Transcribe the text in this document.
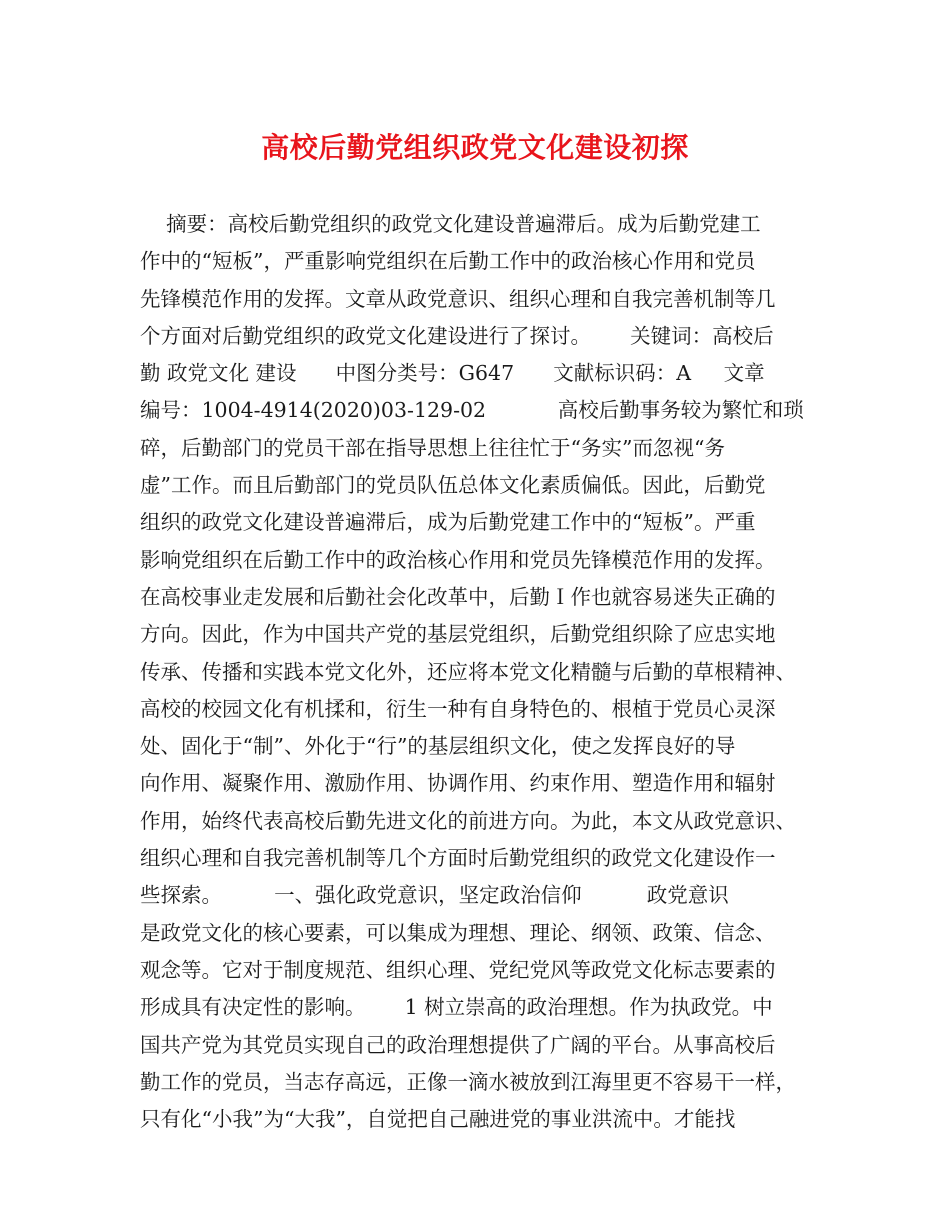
高校后勤党组织政党文化建设初探
摘要：高校后勤党组织的政党文化建设普遍滞后。成为后勤党建工
作中的“短板”，严重影响党组织在后勤工作中的政治核心作用和党员
先锋模范作用的发挥。文章从政党意识、组织心理和自我完善机制等几
个方面对后勤党组织的政党文化建设进行了探讨。      关键词：高校后
勤 政党文化 建设      中图分类号：G647      文献标识码：A     文章
编号：1004-4914(2020)03-129-02           高校后勤事务较为繁忙和琐
碎，后勤部门的党员干部在指导思想上往往忙于“务实”而忽视“务
虚”工作。而且后勤部门的党员队伍总体文化素质偏低。因此，后勤党
组织的政党文化建设普遍滞后，成为后勤党建工作中的“短板”。严重
影响党组织在后勤工作中的政治核心作用和党员先锋模范作用的发挥。
在高校事业走发展和后勤社会化改革中，后勤Ｉ作也就容易迷失正确的
方向。因此，作为中国共产党的基层党组织，后勤党组织除了应忠实地
传承、传播和实践本党文化外，还应将本党文化精髓与后勤的草根精神、
高校的校园文化有机揉和，衍生一种有自身特色的、根植于党员心灵深
处、固化于“制”、外化于“行”的基层组织文化，使之发挥良好的导
向作用、凝聚作用、激励作用、协调作用、约束作用、塑造作用和辐射
作用，始终代表高校后勤先进文化的前进方向。为此，本文从政党意识、
组织心理和自我完善机制等几个方面时后勤党组织的政党文化建设作一
些探索。        一、强化政党意识，坚定政治信仰          政党意识
是政党文化的核心要素，可以集成为理想、理论、纲领、政策、信念、
观念等。它对于制度规范、组织心理、党纪党风等政党文化标志要素的
形成具有决定性的影响。      1 树立崇高的政治理想。作为执政党。中
国共产党为其党员实现自己的政治理想提供了广阔的平台。从事高校后
勤工作的党员，当志存高远，正像一滴水被放到江海里更不容易干一样，
只有化“小我”为“大我”，自觉把自己融进党的事业洪流中。才能找
